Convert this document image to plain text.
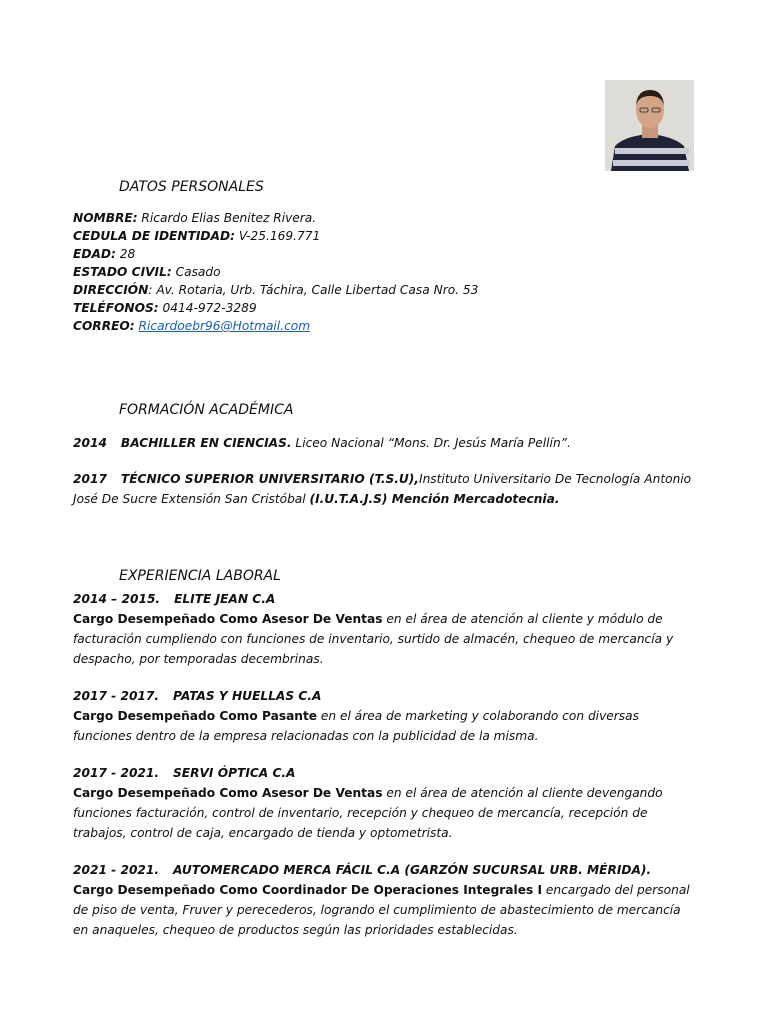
DATOS PERSONALES

NOMBRE: Ricardo Elias Benitez Rivera.

CEDULA DE IDENTIDAD: V-25.169.771

EDAD: 28

ESTADO CIVIL: Casado

DIRECCIÓN: Av. Rotaria, Urb. Táchira, Calle Libertad Casa Nro. 53

TELÉFONOS: 0414-972-3289

CORREO: Ricardoebr96@Hotmail.com

FORMACIÓN ACADÉMICA

2014 BACHILLER EN CIENCIAS. Liceo Nacional “Mons. Dr. Jesús María Pellín”.

2017 TÉCNICO SUPERIOR UNIVERSITARIO (T.S.U),Instituto Universitario De Tecnología Antonio José De Sucre Extensión San Cristóbal (I.U.T.A.J.S) Mención Mercadotecnia.

EXPERIENCIA LABORAL

2014 – 2015. ELITE JEAN C.A

Cargo Desempeñado Como Asesor De Ventas en el área de atención al cliente y módulo de facturación cumpliendo con funciones de inventario, surtido de almacén, chequeo de mercancía y despacho, por temporadas decembrinas.

2017 - 2017. PATAS Y HUELLAS C.A

Cargo Desempeñado Como Pasante en el área de marketing y colaborando con diversas funciones dentro de la empresa relacionadas con la publicidad de la misma.

2017 - 2021. SERVI ÓPTICA C.A

Cargo Desempeñado Como Asesor De Ventas en el área de atención al cliente devengando funciones facturación, control de inventario, recepción y chequeo de mercancía, recepción de trabajos, control de caja, encargado de tienda y optometrista.

2021 - 2021. AUTOMERCADO MERCA FÁCIL C.A (GARZÓN SUCURSAL URB. MÉRIDA).

Cargo Desempeñado Como Coordinador De Operaciones Integrales I encargado del personal de piso de venta, Fruver y perecederos, logrando el cumplimiento de abastecimiento de mercancía en anaqueles, chequeo de productos según las prioridades establecidas.
